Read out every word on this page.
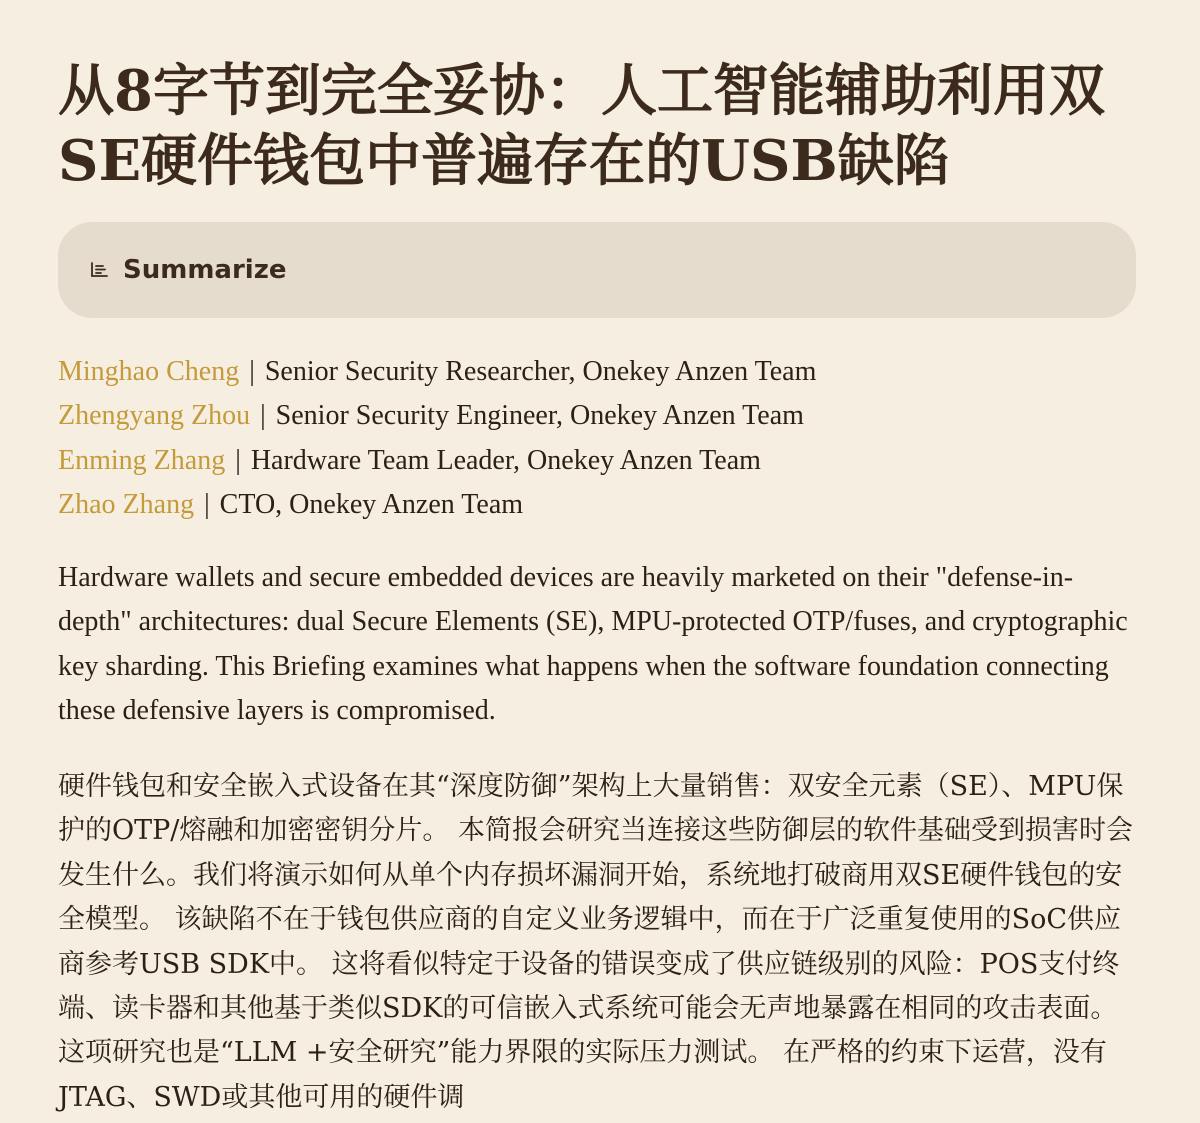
从8字节到完全妥协：人工智能辅助利用双SE硬件钱包中普遍存在的USB缺陷
Summarize
Minghao Cheng | Senior Security Researcher, Onekey Anzen Team
Zhengyang Zhou | Senior Security Engineer, Onekey Anzen Team
Enming Zhang | Hardware Team Leader, Onekey Anzen Team
Zhao Zhang | CTO, Onekey Anzen Team

Hardware wallets and secure embedded devices are heavily marketed on their "defense-in-depth" architectures: dual Secure Elements (SE), MPU-protected OTP/fuses, and cryptographic key sharding. This Briefing examines what happens when the software foundation connecting these defensive layers is compromised.

硬件钱包和安全嵌入式设备在其“深度防御”架构上大量销售：双安全元素（SE）、MPU保护的OTP/熔融和加密密钥分片。 本简报会研究当连接这些防御层的软件基础受到损害时会发生什么。我们将演示如何从单个内存损坏漏洞开始，系统地打破商用双SE硬件钱包的安全模型。 该缺陷不在于钱包供应商的自定义业务逻辑中，而在于广泛重复使用的SoC供应商参考USB SDK中。 这将看似特定于设备的错误变成了供应链级别的风险：POS支付终端、读卡器和其他基于类似SDK的可信嵌入式系统可能会无声地暴露在相同的攻击表面。这项研究也是“LLM +安全研究”能力界限的实际压力测试。 在严格的约束下运营，没有JTAG、SWD或其他可用的硬件调
